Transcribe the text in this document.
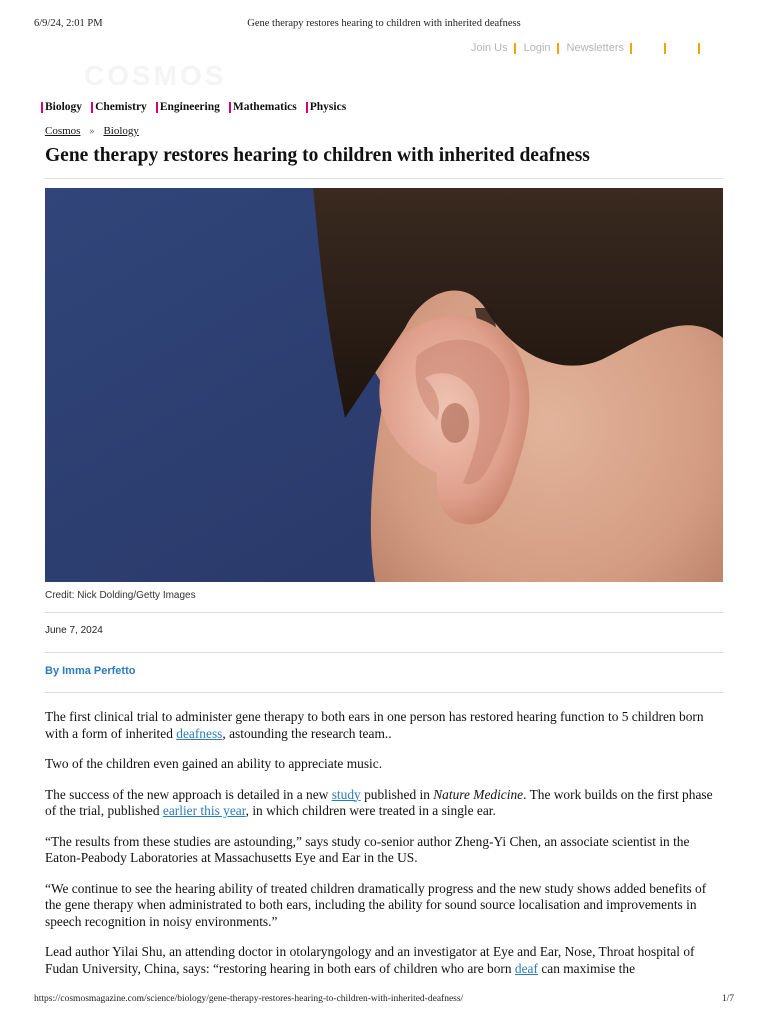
6/9/24, 2:01 PM	Gene therapy restores hearing to children with inherited deafness
Join Us Login Newsletters
COSMOS
Biology Chemistry Engineering Mathematics Physics
Cosmos » Biology
Gene therapy restores hearing to children with inherited deafness
Credit: Nick Dolding/Getty Images
June 7, 2024
By Imma Perfetto

The first clinical trial to administer gene therapy to both ears in one person has restored hearing function to 5 children born with a form of inherited deafness, astounding the research team..

Two of the children even gained an ability to appreciate music.

The success of the new approach is detailed in a new study published in Nature Medicine. The work builds on the first phase of the trial, published earlier this year, in which children were treated in a single ear.

“The results from these studies are astounding,” says study co-senior author Zheng-Yi Chen, an associate scientist in the Eaton-Peabody Laboratories at Massachusetts Eye and Ear in the US.

“We continue to see the hearing ability of treated children dramatically progress and the new study shows added benefits of the gene therapy when administrated to both ears, including the ability for sound source localisation and improvements in speech recognition in noisy environments.”

Lead author Yilai Shu, an attending doctor in otolaryngology and an investigator at Eye and Ear, Nose, Throat hospital of Fudan University, China, says: “restoring hearing in both ears of children who are born deaf can maximise the

https://cosmosmagazine.com/science/biology/gene-therapy-restores-hearing-to-children-with-inherited-deafness/	1/7
